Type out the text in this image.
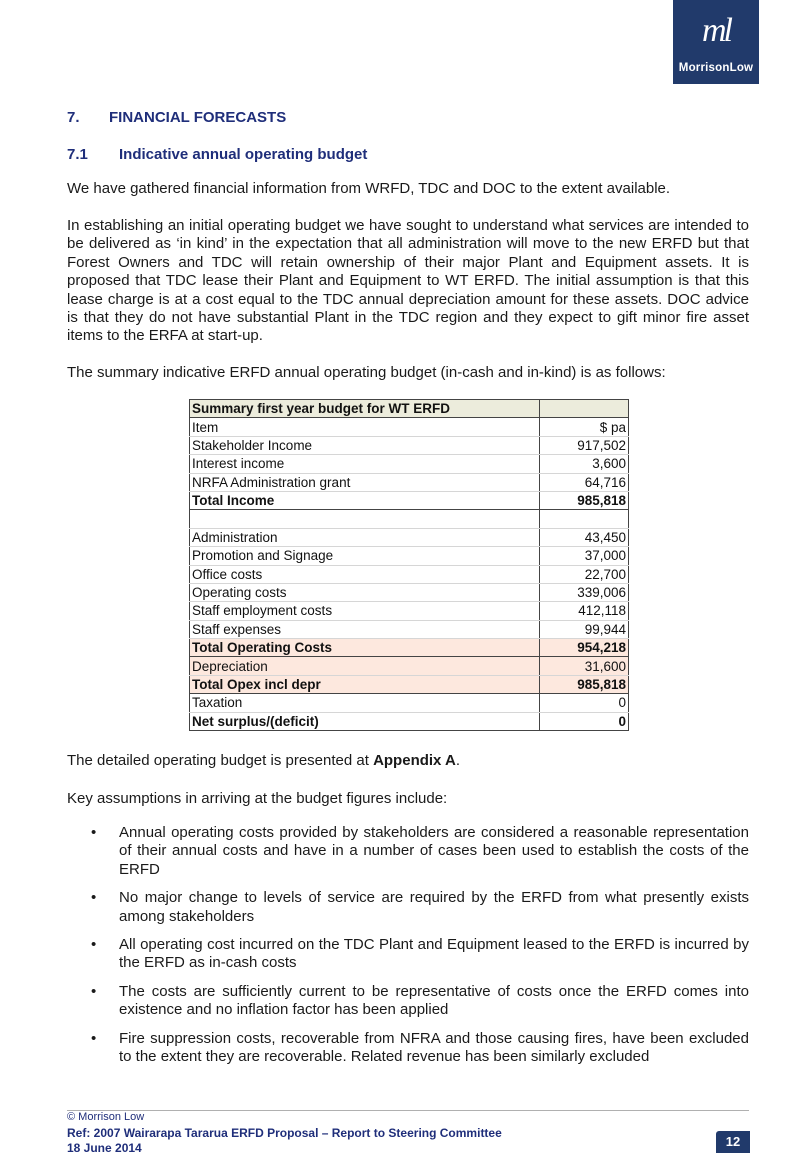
ml
MorrisonLow
7. FINANCIAL FORECASTS
7.1 Indicative annual operating budget

We have gathered financial information from WRFD, TDC and DOC to the extent available.

In establishing an initial operating budget we have sought to understand what services are intended to be delivered as ‘in kind’ in the expectation that all administration will move to the new ERFD but that Forest Owners and TDC will retain ownership of their major Plant and Equipment assets. It is proposed that TDC lease their Plant and Equipment to WT ERFD. The initial assumption is that this lease charge is at a cost equal to the TDC annual depreciation amount for these assets. DOC advice is that they do not have substantial Plant in the TDC region and they expect to gift minor fire asset items to the ERFA at start-up.

The summary indicative ERFD annual operating budget (in-cash and in-kind) is as follows:

Summary first year budget for WT ERFD	
Item	$ pa
Stakeholder Income	917,502
Interest income	3,600
NRFA Administration grant	64,716
Total Income	985,818

Administration	43,450
Promotion and Signage	37,000
Office costs	22,700
Operating costs	339,006
Staff employment costs	412,118
Staff expenses	99,944
Total Operating Costs	954,218
Depreciation	31,600
Total Opex incl depr	985,818
Taxation	0
Net surplus/(deficit)	0

The detailed operating budget is presented at Appendix A.

Key assumptions in arriving at the budget figures include:

• Annual operating costs provided by stakeholders are considered a reasonable representation of their annual costs and have in a number of cases been used to establish the costs of the ERFD
• No major change to levels of service are required by the ERFD from what presently exists among stakeholders
• All operating cost incurred on the TDC Plant and Equipment leased to the ERFD is incurred by the ERFD as in-cash costs
• The costs are sufficiently current to be representative of costs once the ERFD comes into existence and no inflation factor has been applied
• Fire suppression costs, recoverable from NFRA and those causing fires, have been excluded to the extent they are recoverable. Related revenue has been similarly excluded
© Morrison Low
Ref: 2007 Wairarapa Tararua ERFD Proposal – Report to Steering Committee
18 June 2014	12
